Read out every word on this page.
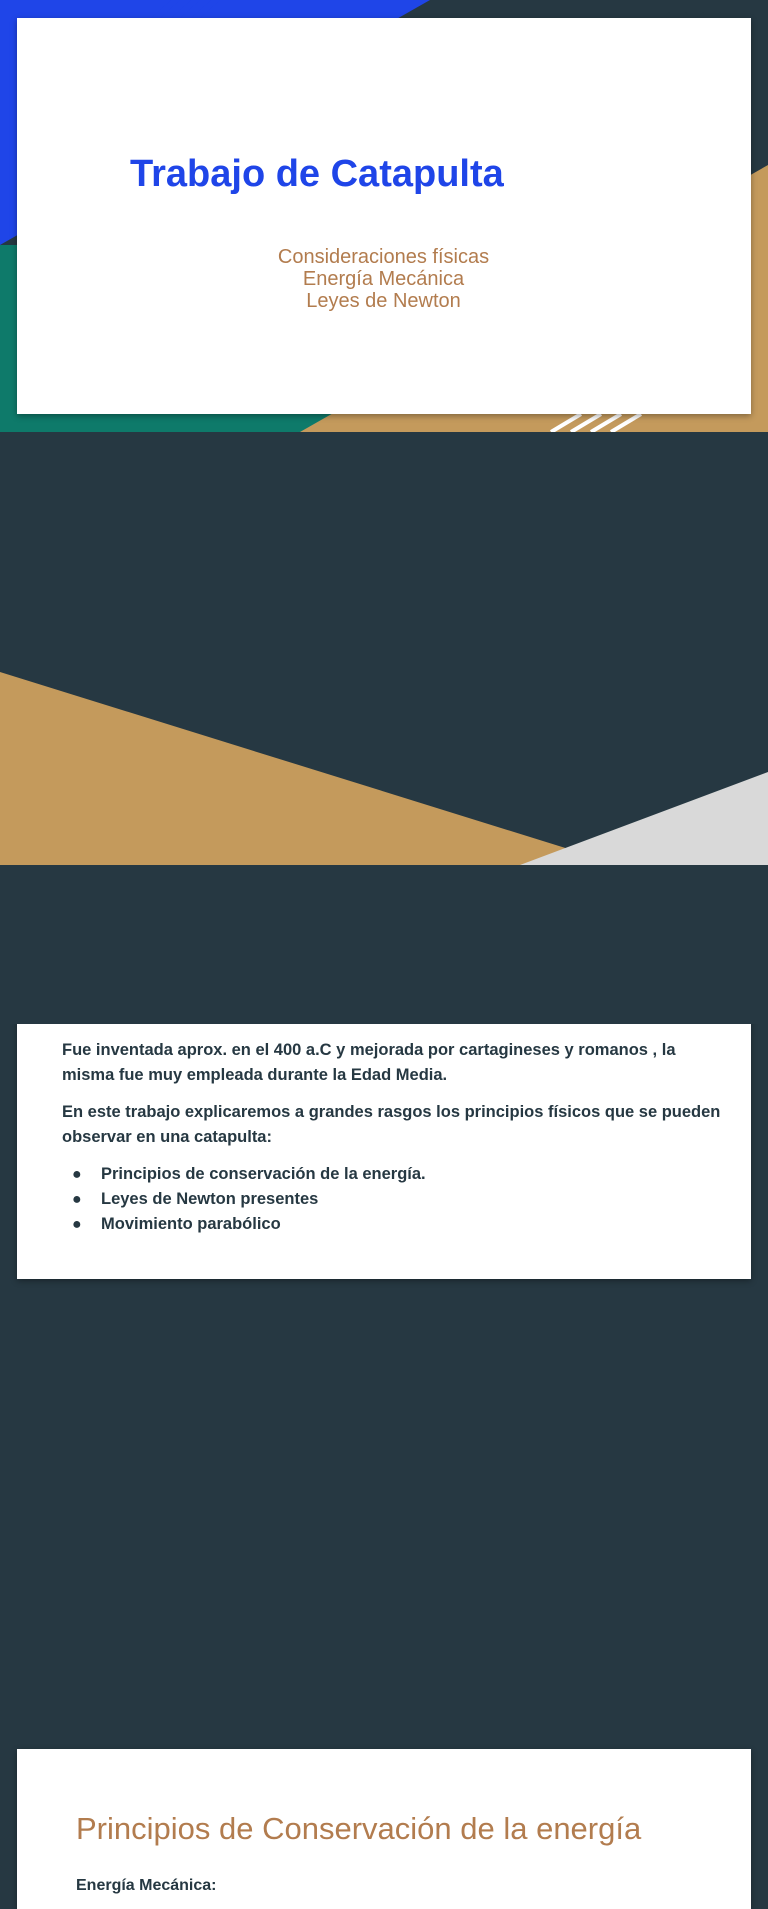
Trabajo de Catapulta
Consideraciones físicas
Energía Mecánica
Leyes de Newton

Fue inventada aprox. en el 400 a.C y mejorada por cartagineses y romanos , la misma fue muy empleada durante la Edad Media.

En este trabajo explicaremos a grandes rasgos los principios físicos que se pueden observar en una catapulta:

● Principios de conservación de la energía.
● Leyes de Newton presentes
● Movimiento parabólico
Principios de Conservación de la energía
Energía Mecánica:
